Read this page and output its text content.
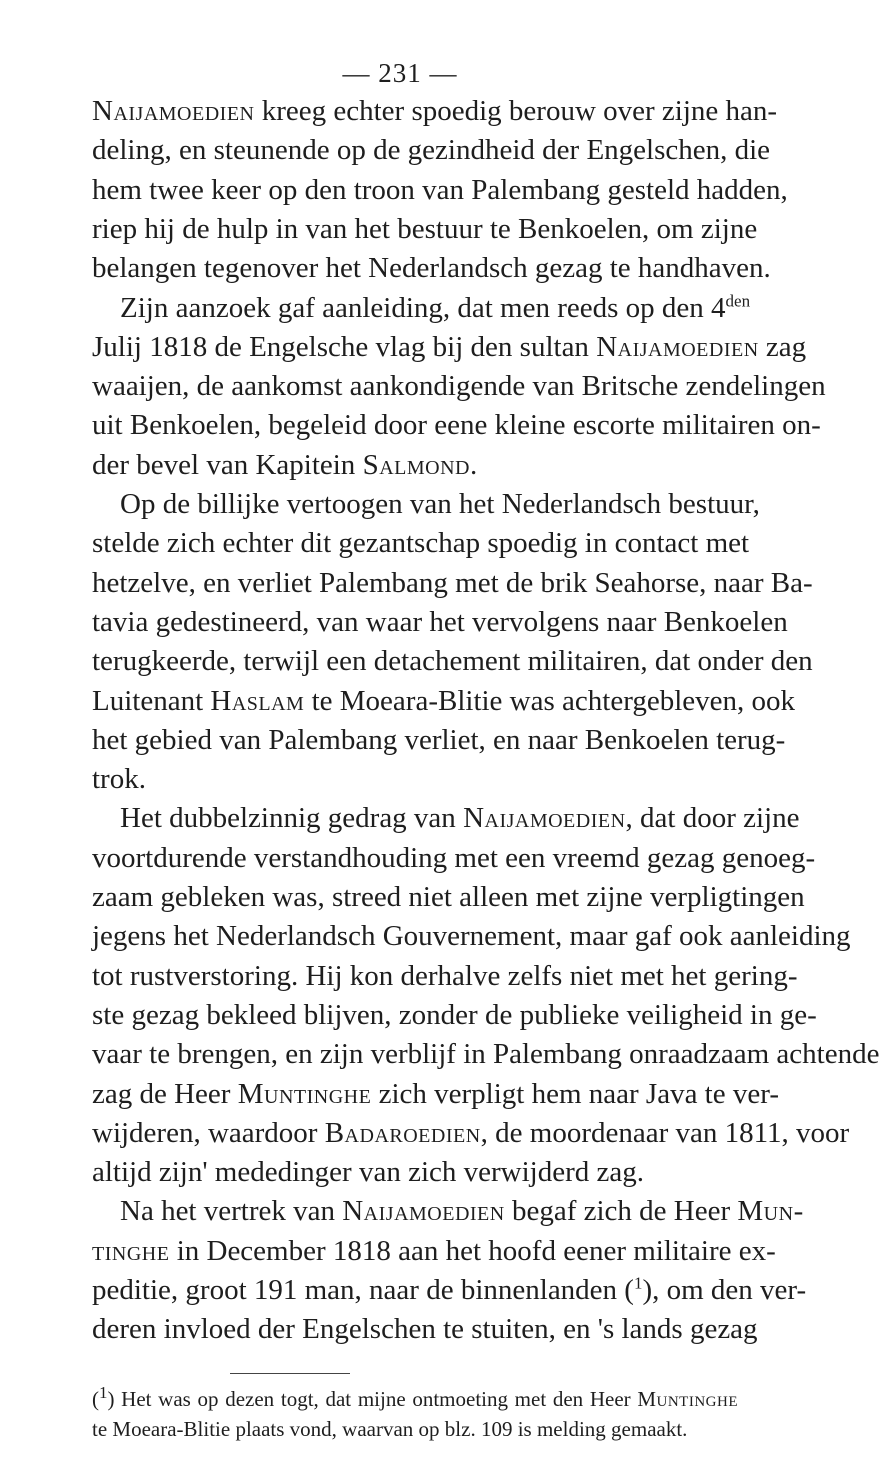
— 231 —
Naijamoedien kreeg echter spoedig berouw over zijne han-
deling, en steunende op de gezindheid der Engelschen, die
hem twee keer op den troon van Palembang gesteld hadden,
riep hij de hulp in van het bestuur te Benkoelen, om zijne
belangen tegenover het Nederlandsch gezag te handhaven.
Zijn aanzoek gaf aanleiding, dat men reeds op den $4^{den}$
Julij 1818 de Engelsche vlag bij den sultan Naijamoedien zag
waaijen, de aankomst aankondigende van Britsche zendelingen
uit Benkoelen, begeleid door eene kleine escorte militairen on-
der bevel van Kapitein Salmond.
Op de billijke vertoogen van het Nederlandsch bestuur,
stelde zich echter dit gezantschap spoedig in contact met
hetzelve, en verliet Palembang met de brik Seahorse, naar Ba-
tavia gedestineerd, van waar het vervolgens naar Benkoelen
terugkeerde, terwijl een detachement militairen, dat onder den
Luitenant Haslam te Moeara-Blitie was achtergebleven, ook
het gebied van Palembang verliet, en naar Benkoelen terug-
trok.
Het dubbelzinnig gedrag van Naijamoedien, dat door zijne
voortdurende verstandhouding met een vreemd gezag genoeg-
zaam gebleken was, streed niet alleen met zijne verpligtingen
jegens het Nederlandsch Gouvernement, maar gaf ook aanleiding
tot rustverstoring. Hij kon derhalve zelfs niet met het gering-
ste gezag bekleed blijven, zonder de publieke veiligheid in ge-
vaar te brengen, en zijn verblijf in Palembang onraadzaam achtende
zag de Heer Muntinghe zich verpligt hem naar Java te ver-
wijderen, waardoor Badaroedien, de moordenaar van 1811, voor
altijd zijn' mededinger van zich verwijderd zag.
Na het vertrek van Naijamoedien begaf zich de Heer Mun-
tinghe in December 1818 aan het hoofd eener militaire ex-
peditie, groot 191 man, naar de binnenlanden ($^1$), om den ver-
deren invloed der Engelschen te stuiten, en 's lands gezag
($^1$) Het was op dezen togt, dat mijne ontmoeting met den Heer Muntinghe
te Moeara-Blitie plaats vond, waarvan op blz. 109 is melding gemaakt.
